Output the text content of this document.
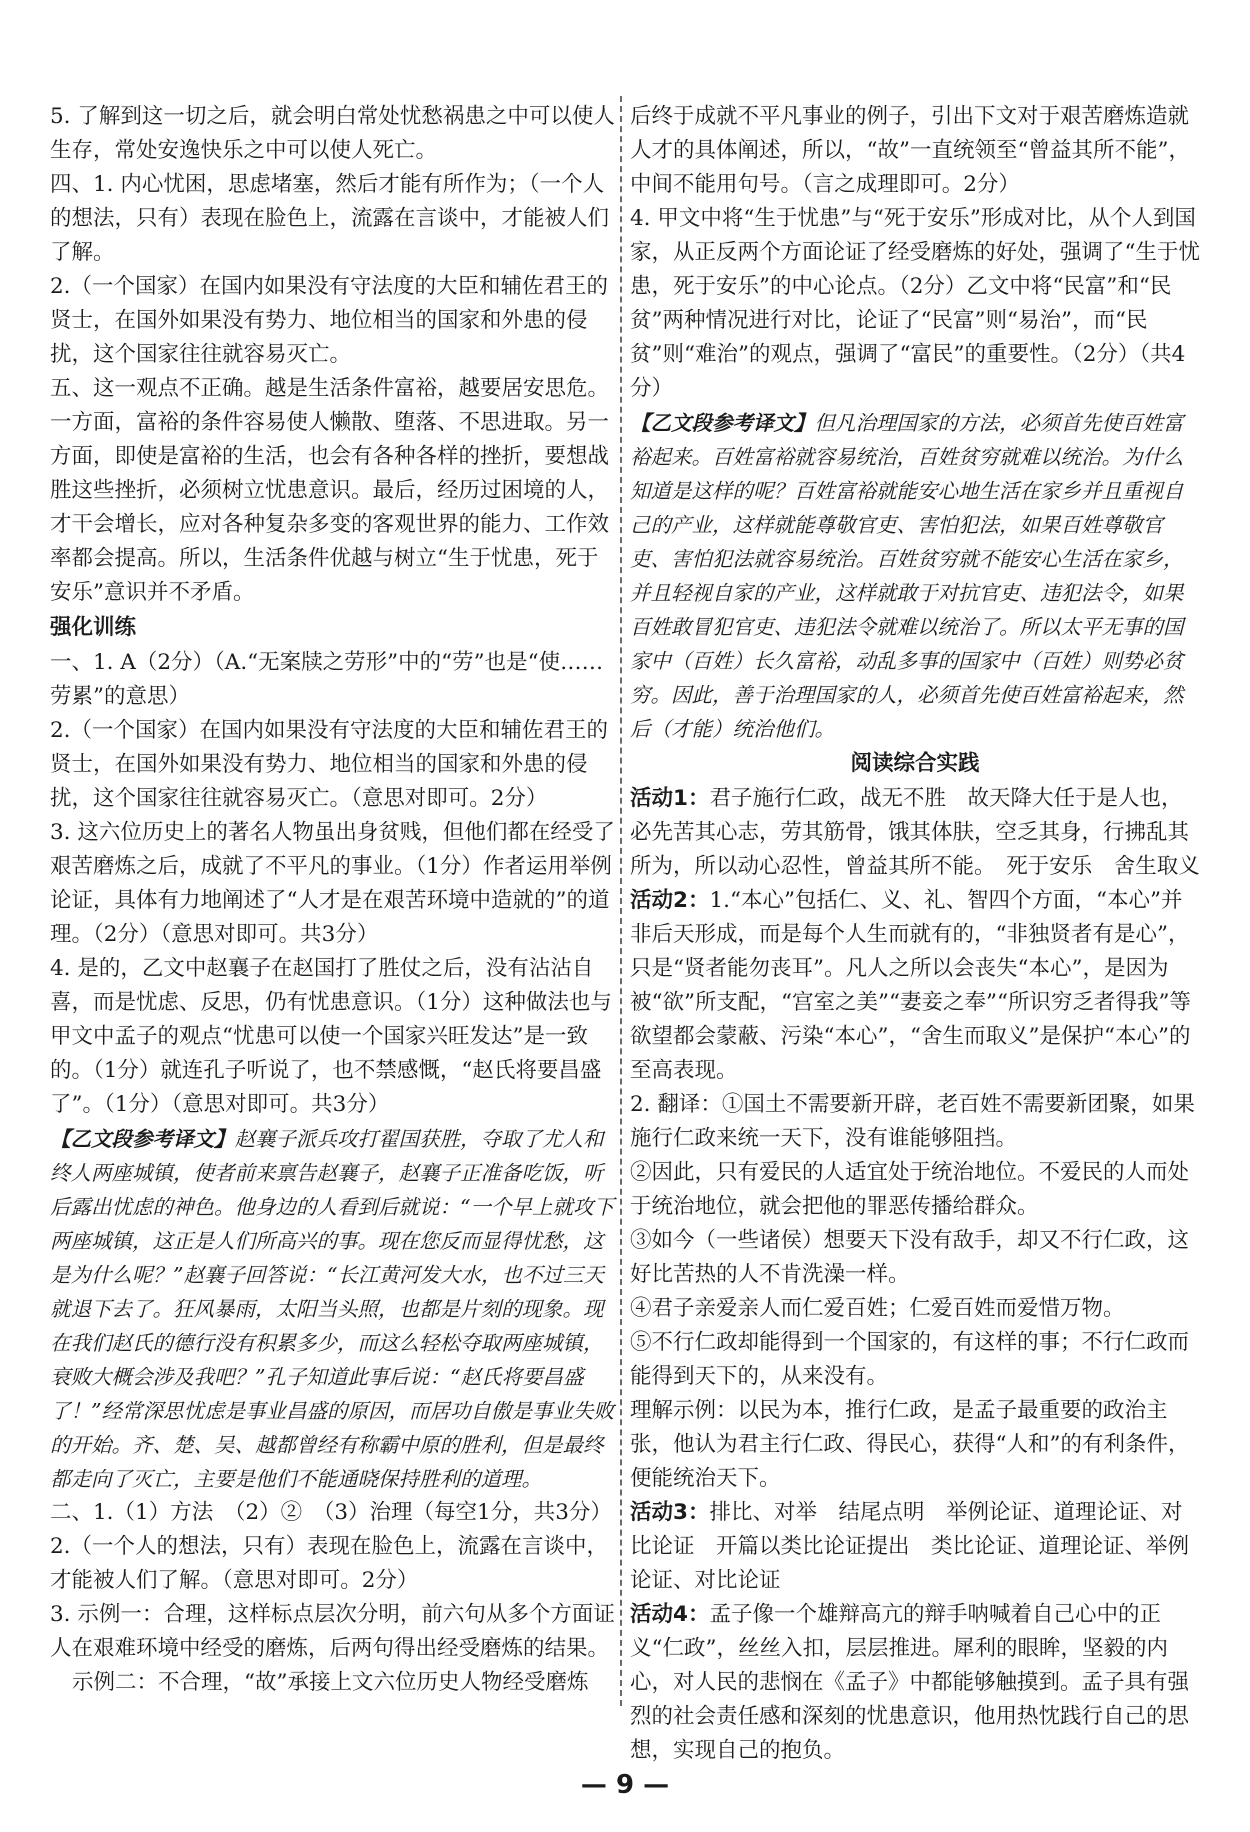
5. 了解到这一切之后，就会明白常处忧愁祸患之中可以使人生存，常处安逸快乐之中可以使人死亡。

四、1. 内心忧困，思虑堵塞，然后才能有所作为；（一个人的想法，只有）表现在脸色上，流露在言谈中，才能被人们了解。

2.（一个国家）在国内如果没有守法度的大臣和辅佐君王的贤士，在国外如果没有势力、地位相当的国家和外患的侵扰，这个国家往往就容易灭亡。

五、这一观点不正确。越是生活条件富裕，越要居安思危。一方面，富裕的条件容易使人懒散、堕落、不思进取。另一方面，即使是富裕的生活，也会有各种各样的挫折，要想战胜这些挫折，必须树立忧患意识。最后，经历过困境的人，才干会增长，应对各种复杂多变的客观世界的能力、工作效率都会提高。所以，生活条件优越与树立“生于忧患，死于安乐”意识并不矛盾。

强化训练

一、1. A（2分）（A.“无案牍之劳形”中的“劳”也是“使……劳累”的意思）

2.（一个国家）在国内如果没有守法度的大臣和辅佐君王的贤士，在国外如果没有势力、地位相当的国家和外患的侵扰，这个国家往往就容易灭亡。（意思对即可。2分）

3. 这六位历史上的著名人物虽出身贫贱，但他们都在经受了艰苦磨炼之后，成就了不平凡的事业。（1分）作者运用举例论证，具体有力地阐述了“人才是在艰苦环境中造就的”的道理。（2分）（意思对即可。共3分）

4. 是的，乙文中赵襄子在赵国打了胜仗之后，没有沾沾自喜，而是忧虑、反思，仍有忧患意识。（1分）这种做法也与甲文中孟子的观点“忧患可以使一个国家兴旺发达”是一致的。（1分）就连孔子听说了，也不禁感慨，“赵氏将要昌盛了”。（1分）（意思对即可。共3分）

【乙文段参考译文】赵襄子派兵攻打翟国获胜，夺取了尤人和终人两座城镇，使者前来禀告赵襄子，赵襄子正准备吃饭，听后露出忧虑的神色。他身边的人看到后就说：“一个早上就攻下两座城镇，这正是人们所高兴的事。现在您反而显得忧愁，这是为什么呢？”赵襄子回答说：“长江黄河发大水，也不过三天就退下去了。狂风暴雨，太阳当头照，也都是片刻的现象。现在我们赵氏的德行没有积累多少，而这么轻松夺取两座城镇，衰败大概会涉及我吧？”孔子知道此事后说：“赵氏将要昌盛了！”经常深思忧虑是事业昌盛的原因，而居功自傲是事业失败的开始。齐、楚、吴、越都曾经有称霸中原的胜利，但是最终都走向了灭亡，主要是他们不能通晓保持胜利的道理。

二、1.（1）方法　（2）②　（3）治理（每空1分，共3分）

2.（一个人的想法，只有）表现在脸色上，流露在言谈中，才能被人们了解。（意思对即可。2分）

3. 示例一：合理，这样标点层次分明，前六句从多个方面证人在艰难环境中经受的磨炼，后两句得出经受磨炼的结果。

示例二：不合理，“故”承接上文六位历史人物经受磨炼

后终于成就不平凡事业的例子，引出下文对于艰苦磨炼造就人才的具体阐述，所以，“故”一直统领至“曾益其所不能”，中间不能用句号。（言之成理即可。2分）

4. 甲文中将“生于忧患”与“死于安乐”形成对比，从个人到国家，从正反两个方面论证了经受磨炼的好处，强调了“生于忧患，死于安乐”的中心论点。（2分）乙文中将“民富”和“民贫”两种情况进行对比，论证了“民富”则“易治”，而“民贫”则“难治”的观点，强调了“富民”的重要性。（2分）（共4分）

【乙文段参考译文】但凡治理国家的方法，必须首先使百姓富裕起来。百姓富裕就容易统治，百姓贫穷就难以统治。为什么知道是这样的呢？百姓富裕就能安心地生活在家乡并且重视自己的产业，这样就能尊敬官吏、害怕犯法，如果百姓尊敬官吏、害怕犯法就容易统治。百姓贫穷就不能安心生活在家乡，并且轻视自家的产业，这样就敢于对抗官吏、违犯法令，如果百姓敢冒犯官吏、违犯法令就难以统治了。所以太平无事的国家中（百姓）长久富裕，动乱多事的国家中（百姓）则势必贫穷。因此，善于治理国家的人，必须首先使百姓富裕起来，然后（才能）统治他们。

阅读综合实践

活动1：君子施行仁政，战无不胜　故天降大任于是人也，必先苦其心志，劳其筋骨，饿其体肤，空乏其身，行拂乱其所为，所以动心忍性，曾益其所不能。　死于安乐　舍生取义

活动2：1.“本心”包括仁、义、礼、智四个方面，“本心”并非后天形成，而是每个人生而就有的，“非独贤者有是心”，只是“贤者能勿丧耳”。凡人之所以会丧失“本心”，是因为被“欲”所支配，“宫室之美”“妻妾之奉”“所识穷乏者得我”等欲望都会蒙蔽、污染“本心”，“舍生而取义”是保护“本心”的至高表现。

2. 翻译：①国土不需要新开辟，老百姓不需要新团聚，如果施行仁政来统一天下，没有谁能够阻挡。

②因此，只有爱民的人适宜处于统治地位。不爱民的人而处于统治地位，就会把他的罪恶传播给群众。

③如今（一些诸侯）想要天下没有敌手，却又不行仁政，这好比苦热的人不肯洗澡一样。

④君子亲爱亲人而仁爱百姓；仁爱百姓而爱惜万物。

⑤不行仁政却能得到一个国家的，有这样的事；不行仁政而能得到天下的，从来没有。

理解示例：以民为本，推行仁政，是孟子最重要的政治主张，他认为君主行仁政、得民心，获得“人和”的有利条件，便能统治天下。

活动3：排比、对举　结尾点明　举例论证、道理论证、对比论证　开篇以类比论证提出　类比论证、道理论证、举例论证、对比论证

活动4：孟子像一个雄辩高亢的辩手呐喊着自己心中的正义“仁政”，丝丝入扣，层层推进。犀利的眼眸，坚毅的内心，对人民的悲悯在《孟子》中都能够触摸到。孟子具有强烈的社会责任感和深刻的忧患意识，他用热忱践行自己的思想，实现自己的抱负。

— 9 —
